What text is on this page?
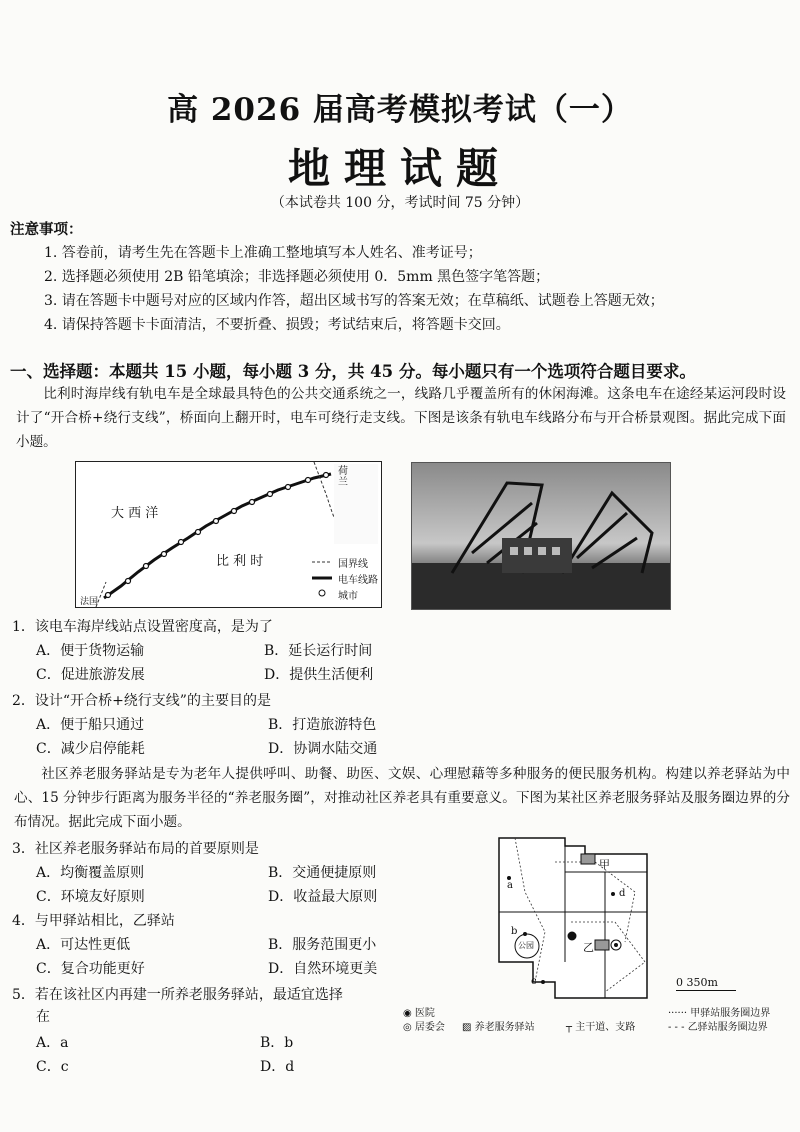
高 2026 届高考模拟考试（一）
地理试题
（本试卷共 100 分，考试时间 75 分钟）
注意事项：
1. 答卷前，请考生先在答题卡上准确工整地填写本人姓名、准考证号；
2. 选择题必须使用 2B 铅笔填涂；非选择题必须使用 0．5mm 黑色签字笔答题；
3. 请在答题卡中题号对应的区域内作答，超出区域书写的答案无效；在草稿纸、试题卷上答题无效；
4. 请保持答题卡卡面清洁，不要折叠、损毁；考试结束后，将答题卡交回。
一、选择题：本题共 15 小题，每小题 3 分，共 45 分。每小题只有一个选项符合题目要求。
比利时海岸线有轨电车是全球最具特色的公共交通系统之一，线路几乎覆盖所有的休闲海滩。这条电车在途经某运河段时设计了“开合桥+绕行支线”，桥面向上翻开时，电车可绕行走支线。下图是该条有轨电车线路分布与开合桥景观图。据此完成下面小题。
大 西 洋
比 利 时
荷兰
法国
国界线
电车线路
城市
1．该电车海岸线站点设置密度高，是为了
A．便于货物运输	B．延长运行时间
C．促进旅游发展	D．提供生活便利
2．设计“开合桥+绕行支线”的主要目的是
A．便于船只通过	B．打造旅游特色
C．减少启停能耗	D．协调水陆交通
社区养老服务驿站是专为老年人提供呼叫、助餐、助医、文娱、心理慰藉等多种服务的便民服务机构。构建以养老驿站为中心、15 分钟步行距离为服务半径的“养老服务圈”，对推动社区养老具有重要意义。下图为某社区养老服务驿站及服务圈边界的分布情况。据此完成下面小题。
3．社区养老服务驿站布局的首要原则是
A．均衡覆盖原则	B．交通便捷原则
C．环境友好原则	D．收益最大原则
4．与甲驿站相比，乙驿站
A．可达性更低	B．服务范围更小
C．复合功能更好	D．自然环境更美
5．若在该社区内再建一所养老服务驿站，最适宜选择
在
A．a	B．b
C．c	D．d
甲
乙
公园
a
b
c
d
0 350m
◉ 医院
◎ 居委会 ▨ 养老服务驿站	┬ 主干道、支路
······ 甲驿站服务圈边界
- - - 乙驿站服务圈边界
